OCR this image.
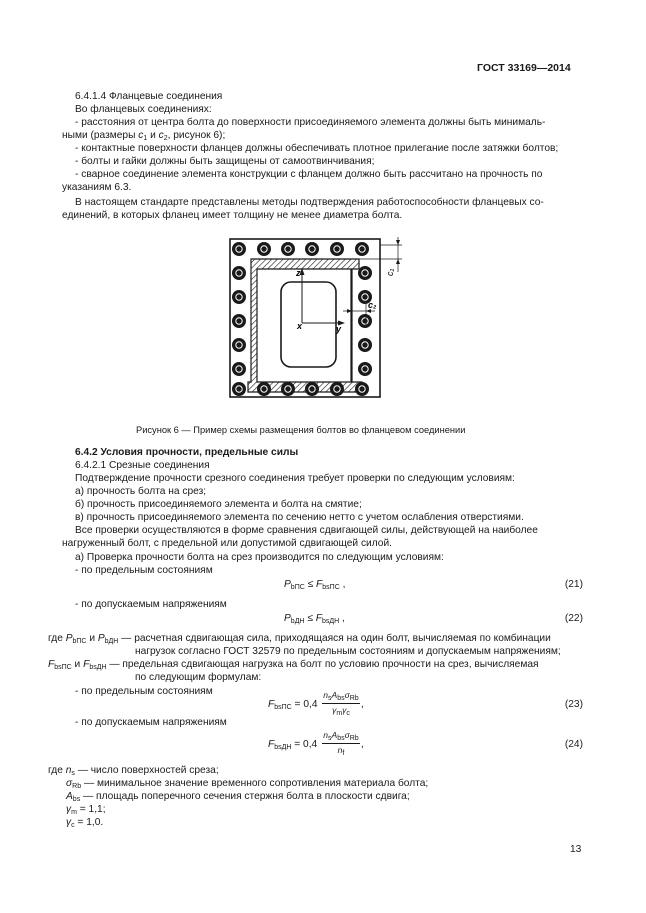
ГОСТ 33169—2014
6.4.1.4 Фланцевые соединения
Во фланцевых соединениях:
- расстояния от центра болта до поверхности присоединяемого элемента должны быть минималь-
ными (размеры $c_1$ и $c_2$, рисунок 6);
- контактные поверхности фланцев должны обеспечивать плотное прилегание после затяжки болтов;
- болты и гайки должны быть защищены от самоотвинчивания;
- сварное соединение элемента конструкции с фланцем должно быть рассчитано на прочность по
указаниям 6.3.
В настоящем стандарте представлены методы подтверждения работоспособности фланцевых со-
единений, в которых фланец имеет толщину не менее диаметра болта.
z
x	y
c₁
c₂
Рисунок 6 — Пример схемы размещения болтов во фланцевом соединении
6.4.2 Условия прочности, предельные силы
6.4.2.1 Срезные соединения
Подтверждение прочности срезного соединения требует проверки по следующим условиям:
а) прочность болта на срез;
б) прочность присоединяемого элемента и болта на смятие;
в) прочность присоединяемого элемента по сечению нетто с учетом ослабления отверстиями.
Все проверки осуществляются в форме сравнения сдвигающей силы, действующей на наиболее
нагруженный болт, с предельной или допустимой сдвигающей силой.
а) Проверка прочности болта на срез производится по следующим условиям:
- по предельным состояниям
$P_{bПС} \le F_{bsПС}$ ,	(21)
- по допускаемым напряжениям
$P_{bДН} \le F_{bsДН}$ ,	(22)
где $P_{bПС}$ и $P_{bДН}$ — расчетная сдвигающая сила, приходящаяся на один болт, вычисляемая по комбинации
нагрузок согласно ГОСТ 32579 по предельным состояниям и допускаемым напряжениям;
$F_{bsПС}$ и $F_{bsДН}$ — предельная сдвигающая нагрузка на болт по условию прочности на срез, вычисляемая
по следующим формулам:
- по предельным состояниям
$F_{bsПС} = 0,4$
$n_sA_{bs}\sigma_{Rb}$
$\gamma_m\gamma_c$
,	(23)
- по допускаемым напряжениям
$F_{bsДН} = 0,4$
$n_sA_{bs}\sigma_{Rb}$
$n_f$
,	(24)
где $n_s$ — число поверхностей среза;
$\sigma_{Rb}$ — минимальное значение временного сопротивления материала болта;
$A_{bs}$ — площадь поперечного сечения стержня болта в плоскости сдвига;
$\gamma_m = 1,1$;
$\gamma_c = 1,0$.
13
